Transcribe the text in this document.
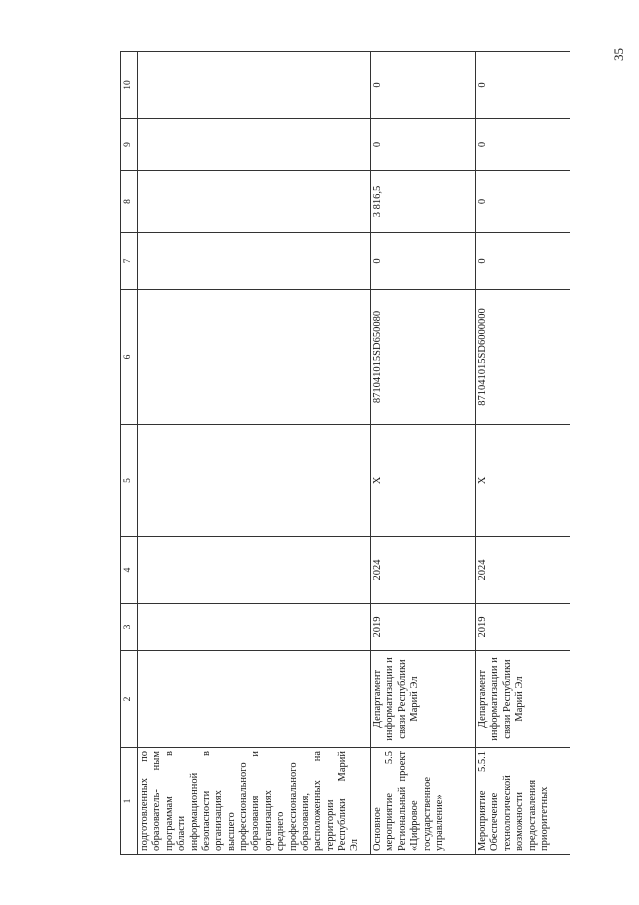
35
1	2	3	4	5	6	7	8	9	10
подготовленных по образователь- ным программам в области информационной безопасности в организациях высшего профессионального образования и организациях среднего профессионального образования, расположенных на территории Республики Марий Эл									
Основное мероприятие 5.5 Региональный проект «Цифровое государственное управление»	Департамент информатизации и связи Республики Марий Эл	2019	2024	X	871041015SD650080	0	3 816,5	0	0
Мероприятие 5.5.1 Обеспечение технологической возможности предоставления приоритетных	Департамент информатизации и связи Республики Марий Эл	2019	2024	X	871041015SD6000000	0	0	0	0
